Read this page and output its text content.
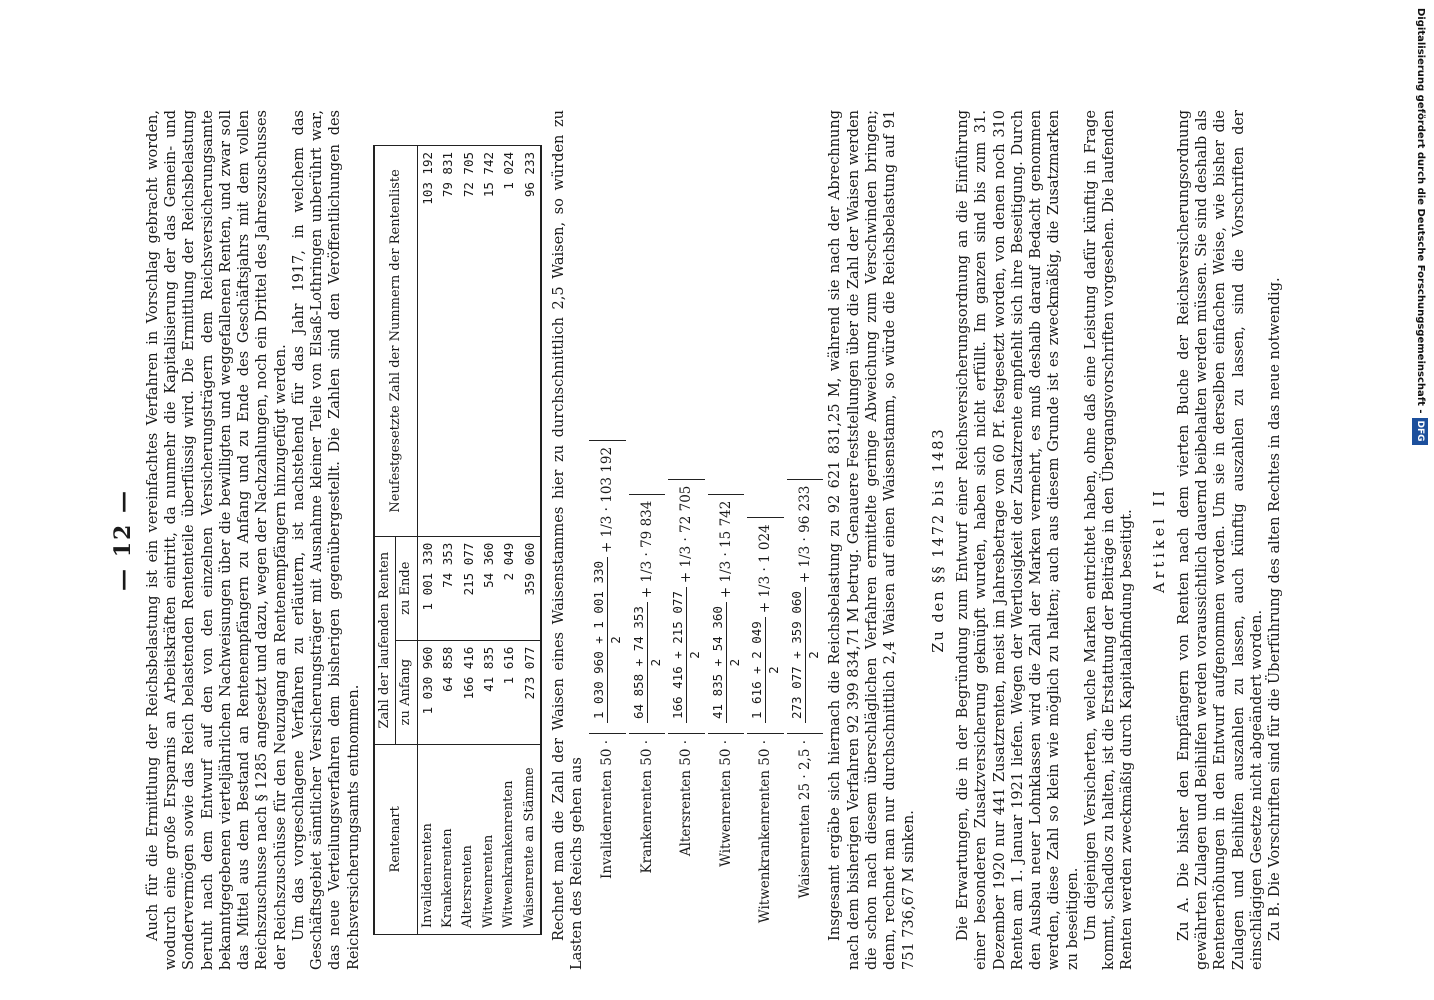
— 12 — Auch für die Ermittlung der Reichsbelastung ist ein vereinfachtes Verfahren in Vorschlag gebracht worden, wodurch eine große Ersparnis an Arbeitskräften eintritt, da nunmehr die Kapitalisierung der das Gemein- und Sondervermögen sowie das Reich belastenden Rententeile überflüssig wird. Die Ermittlung der Reichsbelastung beruht nach dem Entwurf auf den von den einzelnen Versicherungsträgern dem Reichsversicherungsamte bekanntgegebenen vierteljährlichen Nachweisungen über die bewilligten und weggefallenen Renten, und zwar soll das Mittel aus dem Bestand an Rentenempfängern zu Anfang und zu Ende des Geschäftsjahrs mit dem vollen Reichszuschusse nach § 1285 angesetzt und dazu, wegen der Nachzahlungen, noch ein Drittel des Jahreszuschusses der Reichszuschüsse für den Neuzugang an Rentenempfängern hinzugefügt werden. Um das vorgeschlagene Verfahren zu erläutern, ist nachstehend für das Jahr 1917, in welchem das Geschäftsgebiet sämtlicher Versicherungsträger mit Ausnahme kleiner Teile von Elsaß-Lothringen unberührt war, das neue Verteilungsverfahren dem bisherigen gegenübergestellt. Die Zahlen sind den Veröffentlichungen des Reichsversicherungsamts entnommen. Rentenart	Zahl der laufenden Renten		Neufestgesetzte Zahl der Nummern der Rentenliste
	zu Anfang	zu Ende	
Invalidenrenten	1 030 960	1 001 330	103 192
Krankenrenten	64 858	74 353	79 831
Altersrenten	166 416	215 077	72 705
Witwenrenten	41 835	54 360	15 742
Witwenkrankenrenten	1 616	2 049	1 024
Waisenrente an Stämme	273 077	359 060	96 233 Rechnet man die Zahl der Waisen eines Waisenstammes hier zu durchschnittlich 2,5 Waisen, so würden zu Lasten des Reichs gehen aus Invalidenrenten 50 ·
1 030 960 + 1 001 330 2
+ 1/3 · 103 192
Krankenrenten 50 ·
64 858 + 74 353 2
+ 1/3 · 79 834
Altersrenten 50 ·
166 416 + 215 077 2
+ 1/3 · 72 705
Witwenrenten 50 ·
41 835 + 54 360 2
+ 1/3 · 15 742
Witwenkrankenrenten 50 ·
1 616 + 2 049 2
+ 1/3 · 1 024
Waisenrenten 25 · 2,5 ·
273 077 + 359 060 2
+ 1/3 · 96 233 Insgesamt ergäbe sich hiernach die Reichsbelastung zu 92 621 831,25 M, während sie nach der Abrechnung nach dem bisherigen Verfahren 92 399 834,71 M betrug. Genauere Feststellungen über die Zahl der Waisen werden die schon nach diesem überschläglichen Verfahren ermittelte geringe Abweichung zum Verschwinden bringen; denn, rechnet man nur durchschnittlich 2,4 Waisen auf einen Waisenstamm, so würde die Reichsbelastung auf 91 751 736,67 M sinken.

Zu den §§ 1472 bis 1483 Die Erwartungen, die in der Begründung zum Entwurf einer Reichsversicherungsordnung an die Einführung einer besonderen Zusatzversicherung geknüpft wurden, haben sich nicht erfüllt. Im ganzen sind bis zum 31. Dezember 1920 nur 441 Zusatzrenten, meist im Jahresbetrage von 60 Pf. festgesetzt worden, von denen noch 310 Renten am 1. Januar 1921 liefen. Wegen der Wertlosigkeit der Zusatzrente empfiehlt sich ihre Beseitigung. Durch den Ausbau neuer Lohnklassen wird die Zahl der Marken vermehrt, es muß deshalb darauf Bedacht genommen werden, diese Zahl so klein wie möglich zu halten; auch aus diesem Grunde ist es zweckmäßig, die Zusatzmarken zu beseitigen. Um diejenigen Versicherten, welche Marken entrichtet haben, ohne daß eine Leistung dafür künftig in Frage kommt, schadlos zu halten, ist die Erstattung der Beiträge in den Übergangsvorschriften vorgesehen. Die laufenden Renten werden zweckmäßig durch Kapitalabfindung beseitigt. Artikel II Zu A. Die bisher den Empfängern von Renten nach dem vierten Buche der Reichsversicherungsordnung gewährten Zulagen und Beihilfen werden voraussichtlich dauernd beibehalten werden müssen. Sie sind deshalb als Rentenerhöhungen in den Entwurf aufgenommen worden. Um sie in derselben einfachen Weise, wie bisher die Zulagen und Beihilfen auszahlen zu lassen, auch künftig auszahlen zu lassen, sind die Vorschriften der einschlägigen Gesetze nicht abgeändert worden. Zu B. Die Vorschriften sind für die Überführung des alten Rechtes in das neue notwendig.

Digitalisierung gefördert durch die Deutsche Forschungsgemeinschaft -DFG
